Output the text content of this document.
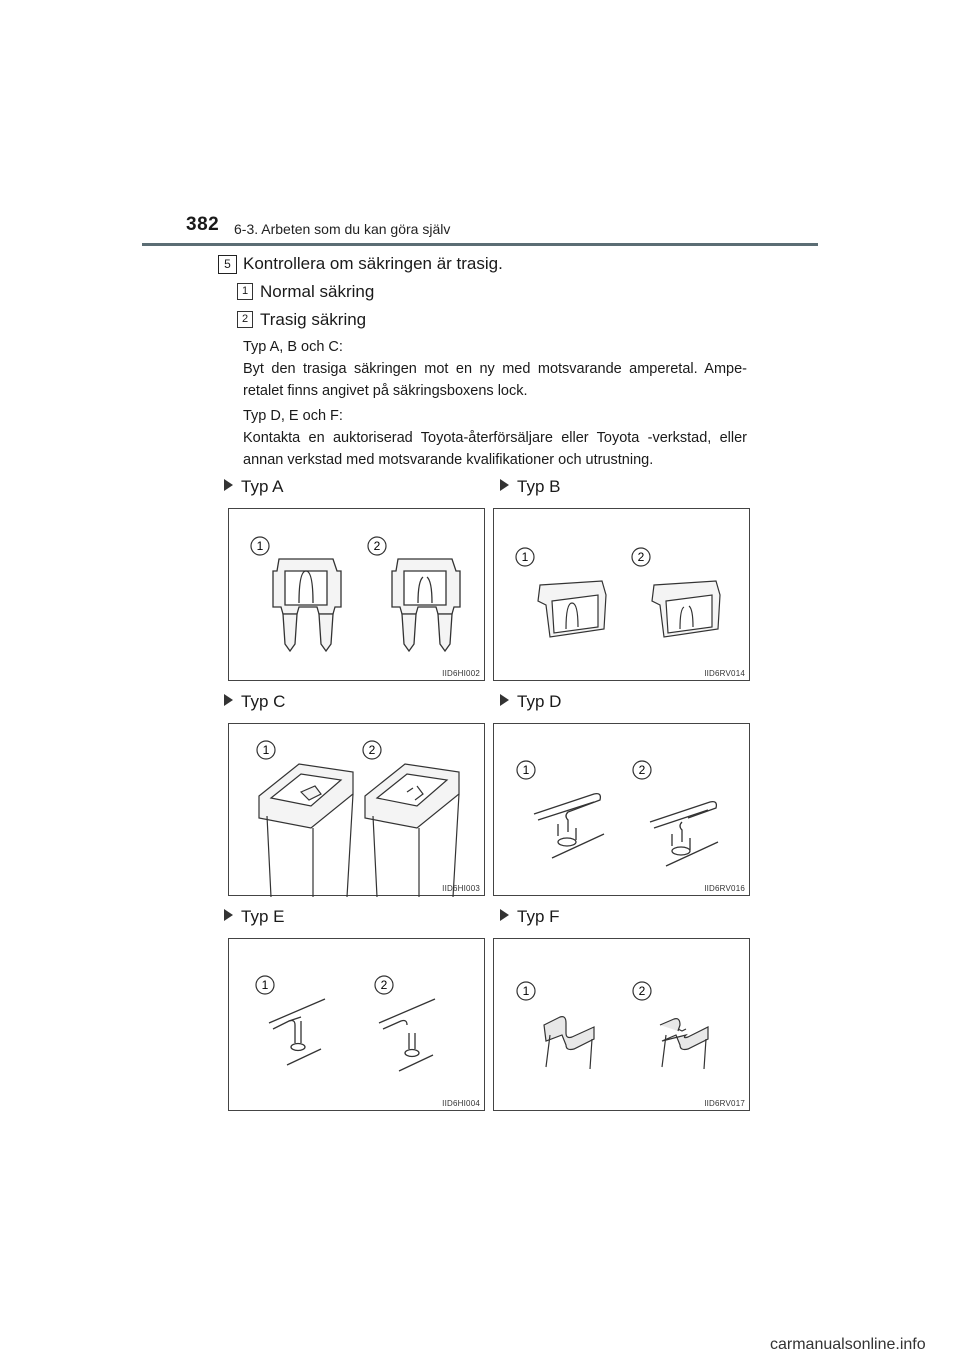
382 6-3. Arbeten som du kan göra själv
5 Kontrollera om säkringen är trasig.
1 Normal säkring
2 Trasig säkring
Typ A, B och C:
Byt den trasiga säkringen mot en ny med motsvarande amperetal. Ampe-retalet finns angivet på säkringsboxens lock.
Typ D, E och F:
Kontakta en auktoriserad Toyota-återförsäljare eller Toyota -verkstad, eller annan verkstad med motsvarande kvalifikationer och utrustning.
Typ A	Typ B
Typ C	Typ D
Typ E	Typ F
1	2
IID6HI002
1	2
IID6RV014
1	2
IID6HI003
1	2
IID6RV016
1	2
IID6HI004
1	2
IID6RV017
carmanualsonline.info
